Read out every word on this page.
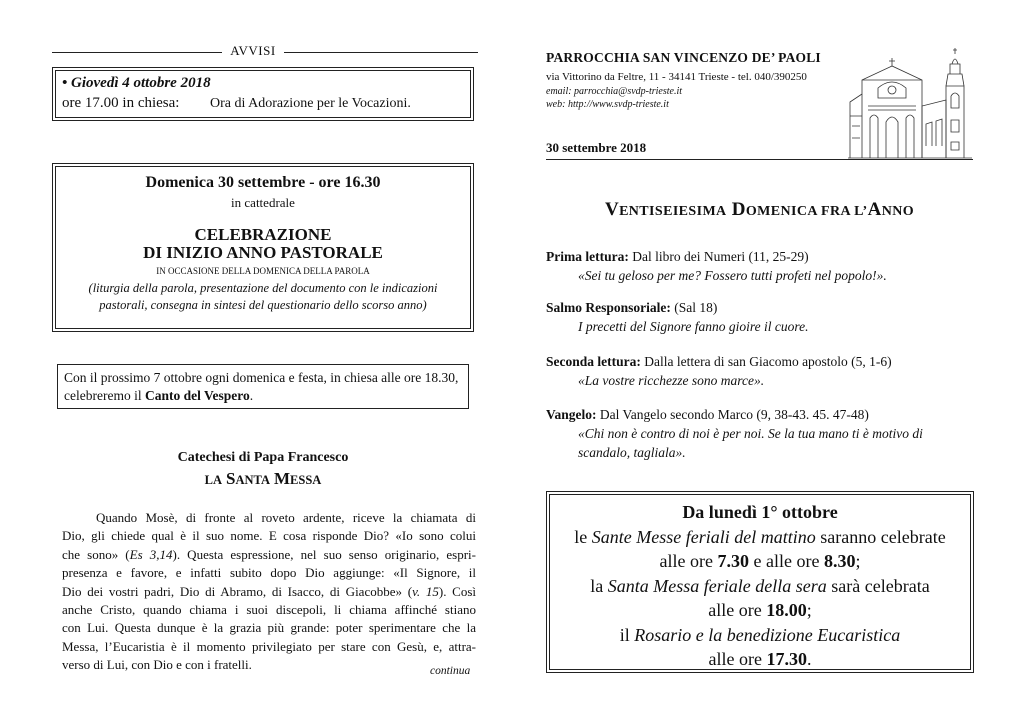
AVVISI
• Giovedì 4 ottobre 2018
ore 17.00 in chiesa: Ora di Adorazione per le Vocazioni.
Domenica 30 settembre - ore 16.30
in cattedrale
CELEBRAZIONE
DI INIZIO ANNO PASTORALE
IN OCCASIONE DELLA DOMENICA DELLA PAROLA
(liturgia della parola, presentazione del documento con le indicazioni
pastorali, consegna in sintesi del questionario dello scorso anno)
Con il prossimo 7 ottobre ogni domenica e festa, in chiesa alle ore 18.30,
celebreremo il Canto del Vespero.
Catechesi di Papa Francesco
LA SANTA MESSA
Quando Mosè, di fronte al roveto ardente, riceve la chiamata di
Dio, gli chiede qual è il suo nome. E cosa risponde Dio? «Io sono colui
che sono» (Es 3,14). Questa espressione, nel suo senso originario, espri-
presenza e favore, e infatti subito dopo Dio aggiunge: «Il Signore, il
Dio dei vostri padri, Dio di Abramo, di Isacco, di Giacobbe» (v. 15). Così
anche Cristo, quando chiama i suoi discepoli, li chiama affinché stiano
con Lui. Questa dunque è la grazia più grande: poter sperimentare che la
Messa, l’Eucaristia è il momento privilegiato per stare con Gesù, e, attra-
verso di Lui, con Dio e con i fratelli.	continua
PARROCCHIA SAN VINCENZO DE’ PAOLI
via Vittorino da Feltre, 11 - 34141 Trieste - tel. 040/390250
email: parrocchia@svdp-trieste.it
web: http://www.svdp-trieste.it
30 settembre 2018
VENTISEIESIMA DOMENICA FRA L’ANNO
Prima lettura: Dal libro dei Numeri (11, 25-29)
«Sei tu geloso per me? Fossero tutti profeti nel popolo!».
Salmo Responsoriale: (Sal 18)
I precetti del Signore fanno gioire il cuore.
Seconda lettura: Dalla lettera di san Giacomo apostolo (5, 1-6)
«La vostre ricchezze sono marce».
Vangelo: Dal Vangelo secondo Marco (9, 38-43. 45. 47-48)
«Chi non è contro di noi è per noi. Se la tua mano ti è motivo di
scandalo, tagliala».
Da lunedì 1° ottobre
le Sante Messe feriali del mattino saranno celebrate
alle ore 7.30 e alle ore 8.30;
la Santa Messa feriale della sera sarà celebrata
alle ore 18.00;
il Rosario e la benedizione Eucaristica
alle ore 17.30.
